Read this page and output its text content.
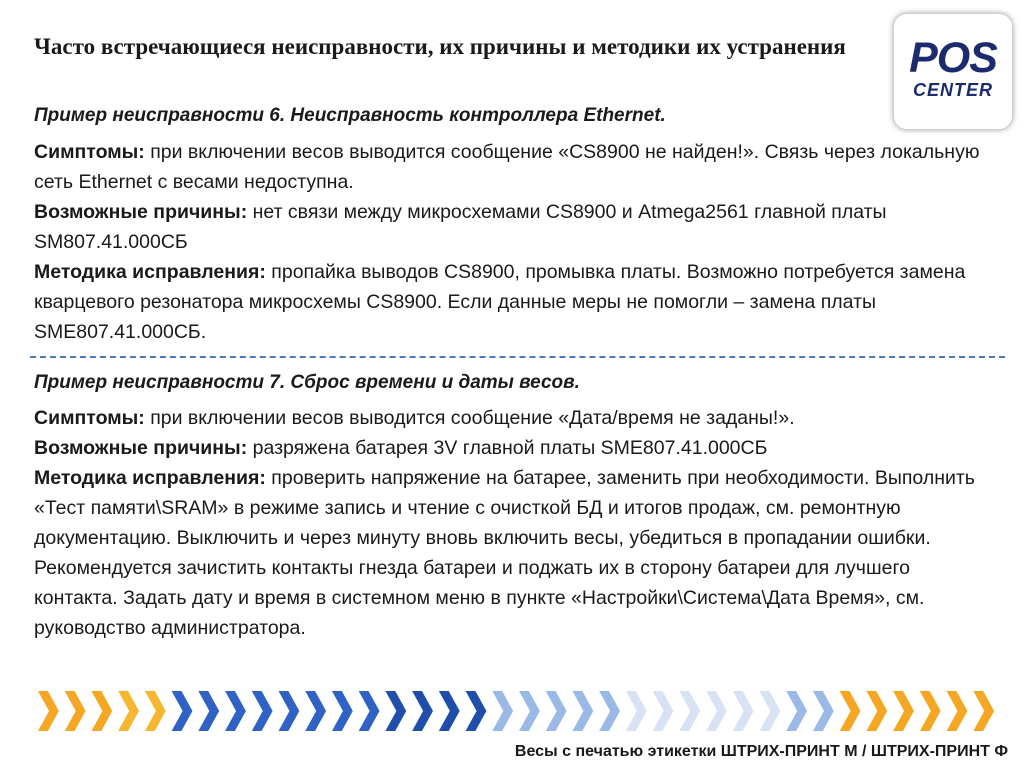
Часто встречающиеся неисправности, их причины и методики их устранения	POS
CENTER
Пример неисправности 6. Неисправность контроллера Ethernet.

Симптомы: при включении весов выводится сообщение «CS8900 не найден!». Связь через локальную сеть Ethernet с весами недоступна.

Возможные причины: нет связи между микросхемами CS8900 и Atmega2561 главной платы SM807.41.000СБ

Методика исправления: пропайка выводов CS8900, промывка платы. Возможно потребуется замена кварцевого резонатора микросхемы CS8900. Если данные меры не помогли – замена платы SME807.41.000СБ.

Пример неисправности 7. Сброс времени и даты весов.

Симптомы: при включении весов выводится сообщение «Дата/время не заданы!».

Возможные причины: разряжена батарея 3V главной платы SME807.41.000СБ

Методика исправления: проверить напряжение на батарее, заменить при необходимости. Выполнить «Тест памяти\SRAM» в режиме запись и чтение с очисткой БД и итогов продаж, см. ремонтную документацию. Выключить и через минуту вновь включить весы, убедиться в пропадании ошибки. Рекомендуется зачистить контакты гнезда батареи и поджать их в сторону батареи для лучшего контакта. Задать дату и время в системном меню в пункте «Настройки\Система\Дата Время», см. руководство администратора.

Весы с печатью этикетки ШТРИХ-ПРИНТ М / ШТРИХ-ПРИНТ Ф
